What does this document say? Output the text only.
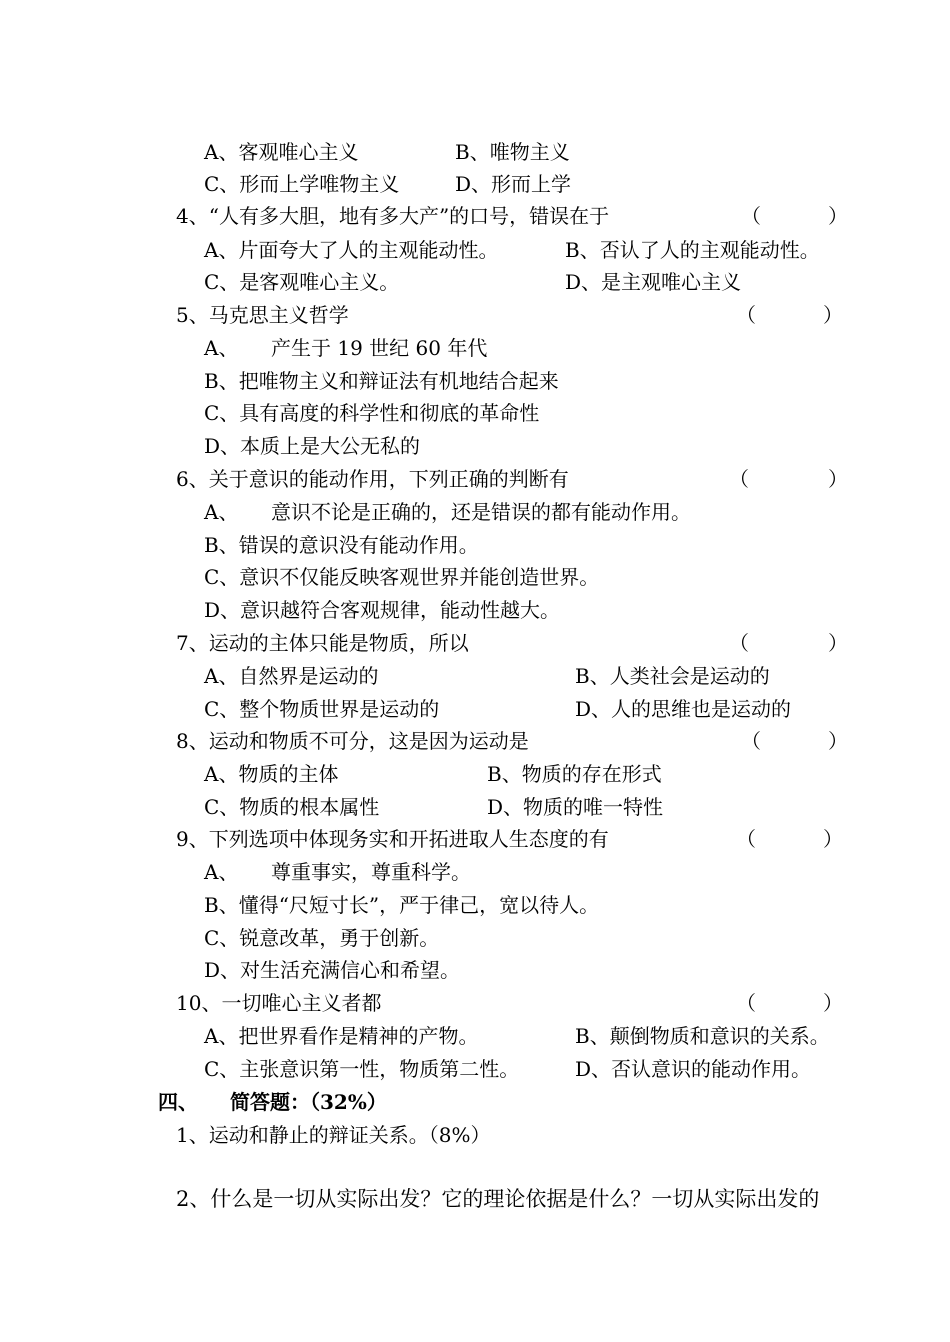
A、客观唯心主义	B、唯物主义
C、形而上学唯物主义	D、形而上学
4、“人有多大胆，地有多大产”的口号，错误在于	（	）
A、片面夸大了人的主观能动性。	B、否认了人的主观能动性。
C、是客观唯心主义。	D、是主观唯心主义
5、马克思主义哲学	（	）
A、 产生于 19 世纪 60 年代
B、把唯物主义和辩证法有机地结合起来
C、具有高度的科学性和彻底的革命性
D、本质上是大公无私的
6、关于意识的能动作用，下列正确的判断有	（	）
A、 意识不论是正确的，还是错误的都有能动作用。
B、错误的意识没有能动作用。
C、意识不仅能反映客观世界并能创造世界。
D、意识越符合客观规律，能动性越大。
7、运动的主体只能是物质，所以	（	）
A、自然界是运动的	B、人类社会是运动的
C、整个物质世界是运动的	D、人的思维也是运动的
8、运动和物质不可分，这是因为运动是	（	）
A、物质的主体	B、物质的存在形式
C、物质的根本属性	D、物质的唯一特性
9、下列选项中体现务实和开拓进取人生态度的有	（	）
A、 尊重事实，尊重科学。
B、懂得“尺短寸长”，严于律己，宽以待人。
C、锐意改革，勇于创新。
D、对生活充满信心和希望。
10、一切唯心主义者都	（	）
A、把世界看作是精神的产物。	B、颠倒物质和意识的关系。
C、主张意识第一性，物质第二性。	D、否认意识的能动作用。
四、 简答题：（32%）
1、运动和静止的辩证关系。（8%）
2、什么是一切从实际出发？它的理论依据是什么？一切从实际出发的
